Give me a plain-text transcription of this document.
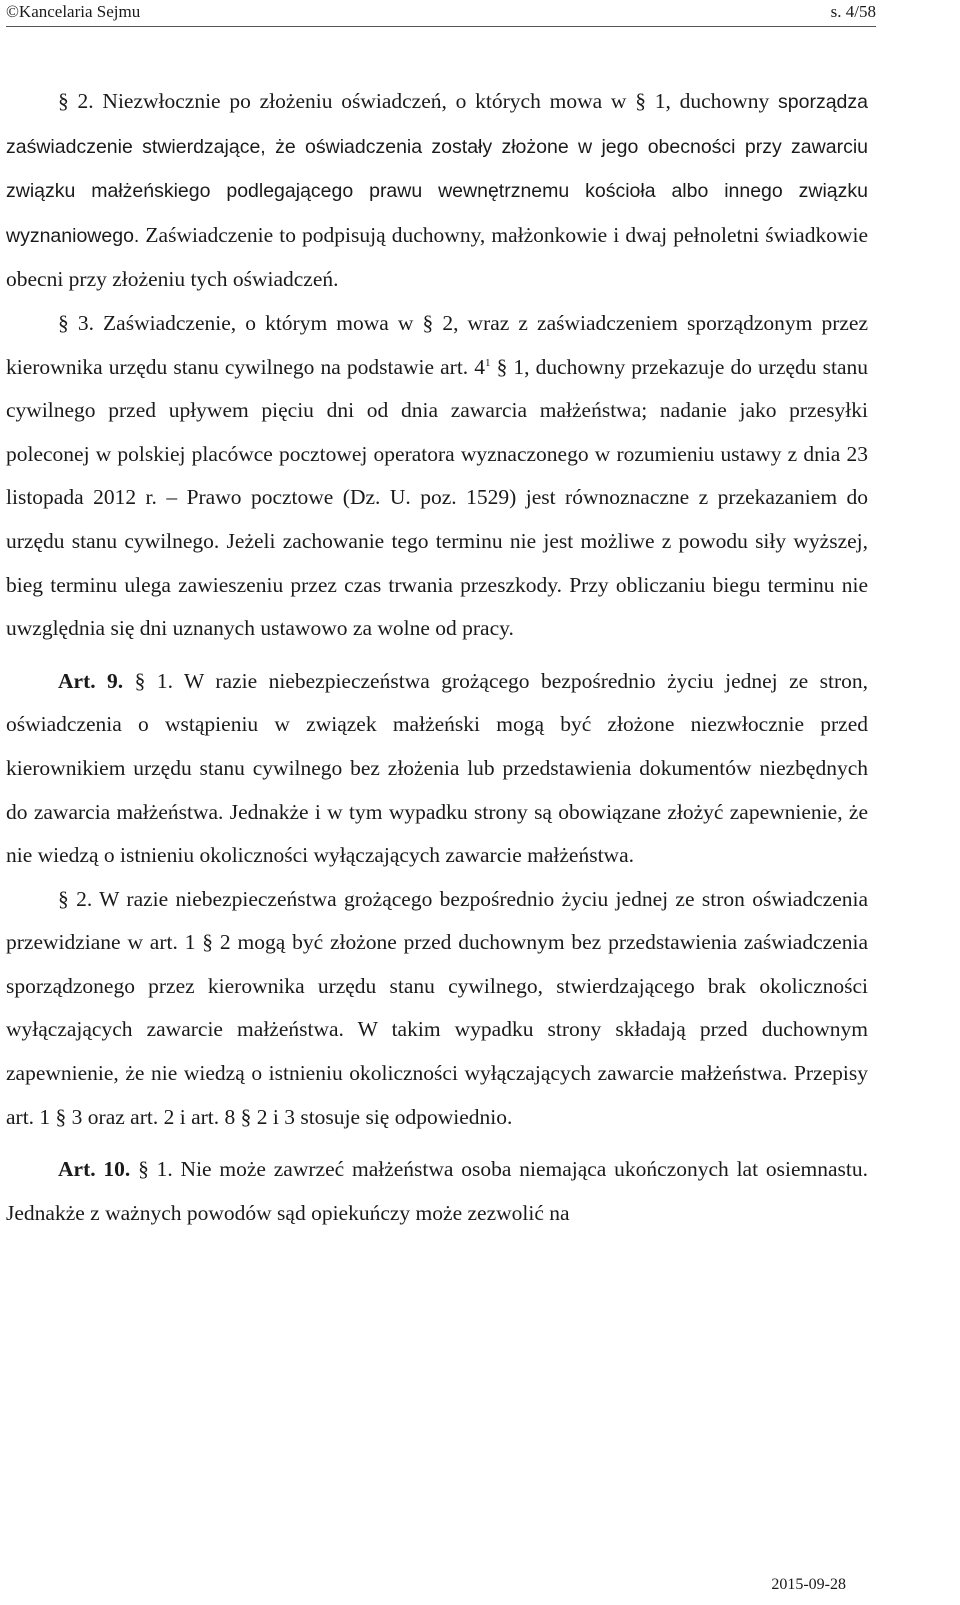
©Kancelaria Sejmu	s. 4/58

§ 2. Niezwłocznie po złożeniu oświadczeń, o których mowa w § 1, duchowny sporządza zaświadczenie stwierdzające, że oświadczenia zostały złożone w jego obecności przy zawarciu związku małżeńskiego podlegającego prawu wewnętrznemu kościoła albo innego związku wyznaniowego. Zaświadczenie to podpisują duchowny, małżonkowie i dwaj pełnoletni świadkowie obecni przy złożeniu tych oświadczeń.

§ 3. Zaświadczenie, o którym mowa w § 2, wraz z zaświadczeniem sporządzonym przez kierownika urzędu stanu cywilnego na podstawie art. $4^1$ § 1, duchowny przekazuje do urzędu stanu cywilnego przed upływem pięciu dni od dnia zawarcia małżeństwa; nadanie jako przesyłki poleconej w polskiej placówce pocztowej operatora wyznaczonego w rozumieniu ustawy z dnia 23 listopada 2012 r. – Prawo pocztowe (Dz. U. poz. 1529) jest równoznaczne z przekazaniem do urzędu stanu cywilnego. Jeżeli zachowanie tego terminu nie jest możliwe z powodu siły wyższej, bieg terminu ulega zawieszeniu przez czas trwania przeszkody. Przy obliczaniu biegu terminu nie uwzględnia się dni uznanych ustawowo za wolne od pracy.

Art. 9. § 1. W razie niebezpieczeństwa grożącego bezpośrednio życiu jednej ze stron, oświadczenia o wstąpieniu w związek małżeński mogą być złożone niezwłocznie przed kierownikiem urzędu stanu cywilnego bez złożenia lub przedstawienia dokumentów niezbędnych do zawarcia małżeństwa. Jednakże i w tym wypadku strony są obowiązane złożyć zapewnienie, że nie wiedzą o istnieniu okoliczności wyłączających zawarcie małżeństwa.

§ 2. W razie niebezpieczeństwa grożącego bezpośrednio życiu jednej ze stron oświadczenia przewidziane w art. 1 § 2 mogą być złożone przed duchownym bez przedstawienia zaświadczenia sporządzonego przez kierownika urzędu stanu cywilnego, stwierdzającego brak okoliczności wyłączających zawarcie małżeństwa. W takim wypadku strony składają przed duchownym zapewnienie, że nie wiedzą o istnieniu okoliczności wyłączających zawarcie małżeństwa. Przepisy art. 1 § 3 oraz art. 2 i art. 8 § 2 i 3 stosuje się odpowiednio.

Art. 10. § 1. Nie może zawrzeć małżeństwa osoba niemająca ukończonych lat osiemnastu. Jednakże z ważnych powodów sąd opiekuńczy może zezwolić na

2015-09-28
